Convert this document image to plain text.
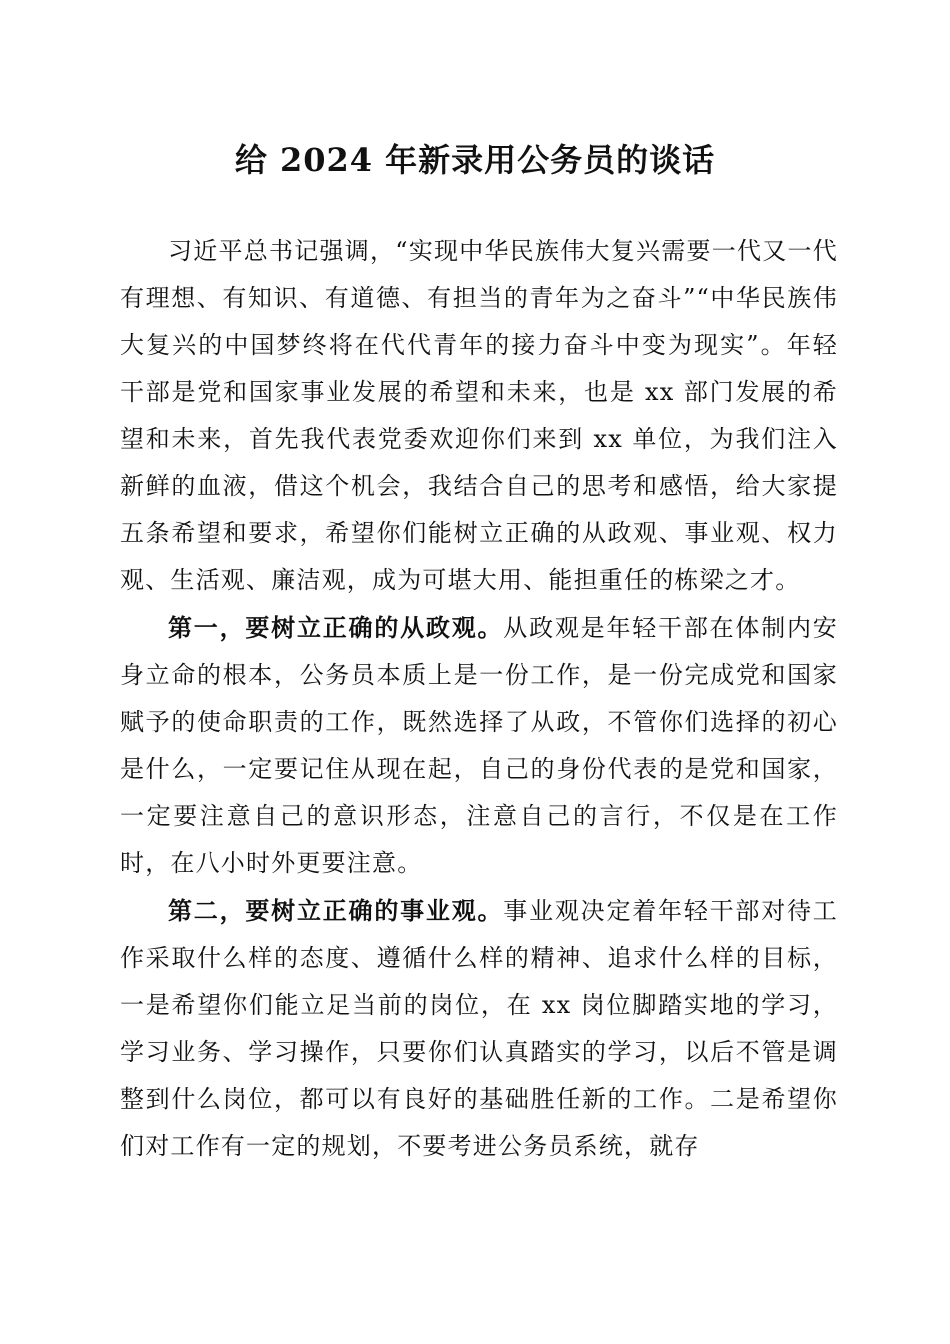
给 2024 年新录用公务员的谈话

习近平总书记强调，“实现中华民族伟大复兴需要一代又一代有理想、有知识、有道德、有担当的青年为之奋斗”“中华民族伟大复兴的中国梦终将在代代青年的接力奋斗中变为现实”。年轻干部是党和国家事业发展的希望和未来，也是 xx 部门发展的希望和未来，首先我代表党委欢迎你们来到 xx 单位，为我们注入新鲜的血液，借这个机会，我结合自己的思考和感悟，给大家提五条希望和要求，希望你们能树立正确的从政观、事业观、权力观、生活观、廉洁观，成为可堪大用、能担重任的栋梁之才。

第一，要树立正确的从政观。从政观是年轻干部在体制内安身立命的根本，公务员本质上是一份工作，是一份完成党和国家赋予的使命职责的工作，既然选择了从政，不管你们选择的初心是什么，一定要记住从现在起，自己的身份代表的是党和国家，一定要注意自己的意识形态，注意自己的言行，不仅是在工作时，在八小时外更要注意。

第二，要树立正确的事业观。事业观决定着年轻干部对待工作采取什么样的态度、遵循什么样的精神、追求什么样的目标，一是希望你们能立足当前的岗位，在 xx 岗位脚踏实地的学习，学习业务、学习操作，只要你们认真踏实的学习，以后不管是调整到什么岗位，都可以有良好的基础胜任新的工作。二是希望你们对工作有一定的规划，不要考进公务员系统，就存
